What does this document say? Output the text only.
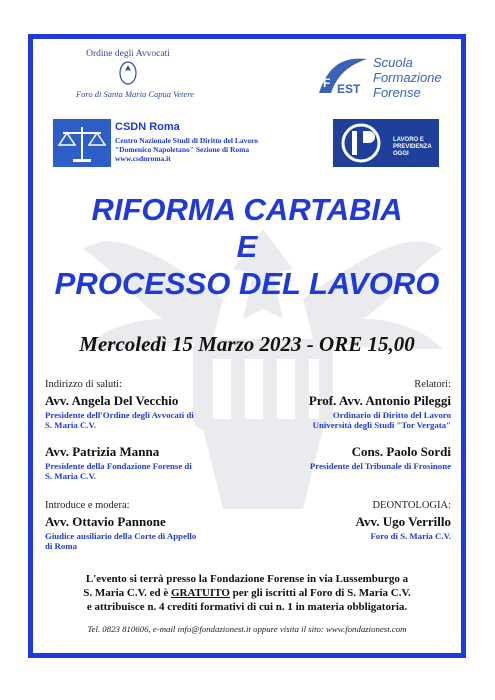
Ordine degli Avvocati
Foro di Santa Maria Capua Vetere
F EST
Scuola
Formazione
Forense
CSDN Roma
Centro Nazionale Studi di Diritto del Lavoro
"Domenico Napoletano" Sezione di Roma
www.csdnroma.it
LAVORO E
PREVIDENZA
OGGI
RIFORMA CARTABIA
E
PROCESSO DEL LAVORO
Mercoledì 15 Marzo 2023 - ORE 15,00
Indirizzo di saluti:
Avv. Angela Del Vecchio
Presidente dell'Ordine degli Avvocati di
S. Maria C.V.
Avv. Patrizia Manna
Presidente della Fondazione Forense di
S. Maria C.V.
Relatori:
Prof. Avv. Antonio Pileggi
Ordinario di Diritto del Lavoro
Università degli Studi "Tor Vergata"
Cons. Paolo Sordi
Presidente del Tribunale di Frosinone
Introduce e modera:
Avv. Ottavio Pannone
Giudice ausiliario della Corte di Appello
di Roma
DEONTOLOGIA:
Avv. Ugo Verrillo
Foro di S. Maria C.V.
L'evento si terrà presso la Fondazione Forense in via Lussemburgo a
S. Maria C.V. ed è GRATUITO per gli iscritti al Foro di S. Maria C.V.
e attribuisce n. 4 crediti formativi di cui n. 1 in materia obbligatoria.
Tel. 0823 810606, e-mail info@fondazionest.it oppure visita il sito: www.fondazionest.com
